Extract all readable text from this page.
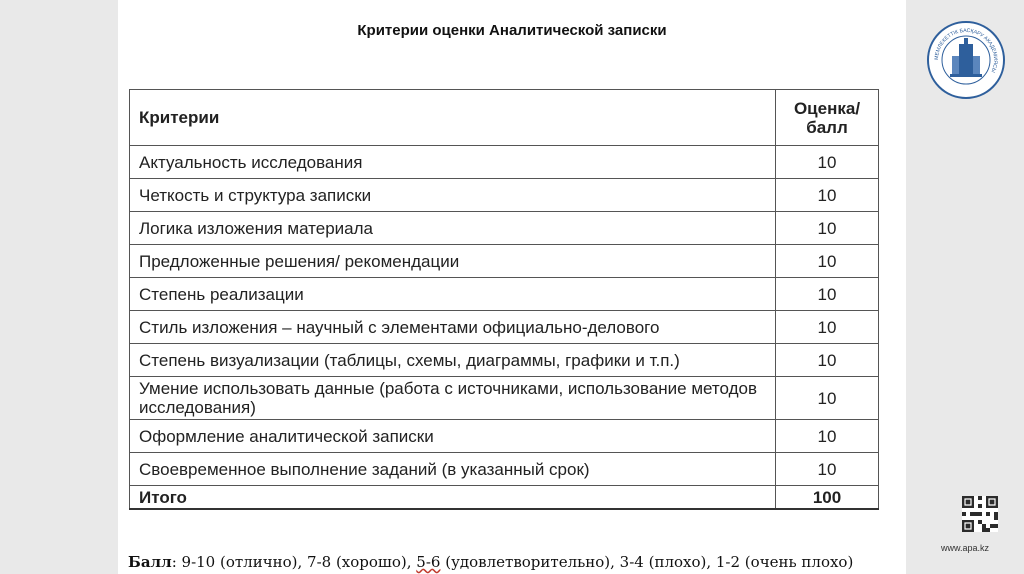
Критерии оценки Аналитической записки
Критерии	Оценка/ балл
Актуальность исследования	10
Четкость и структура записки	10
Логика изложения материала	10
Предложенные решения/ рекомендации	10
Степень реализации	10
Стиль изложения – научный с элементами официально-делового	10
Степень визуализации (таблицы, схемы, диаграммы, графики и т.п.)	10
Умение использовать данные (работа с источниками, использование методов исследования)	10
Оформление аналитической записки	10
Своевременное выполнение заданий (в указанный срок)	10
Итого	100
Балл: 9-10 (отлично), 7-8 (хорошо), 5-6 (удовлетворительно), 3-4 (плохо), 1-2 (очень плохо)
МЕМЛЕКЕТТІК БАСҚАРУ АКАДЕМИЯСЫ
www.apa.kz
